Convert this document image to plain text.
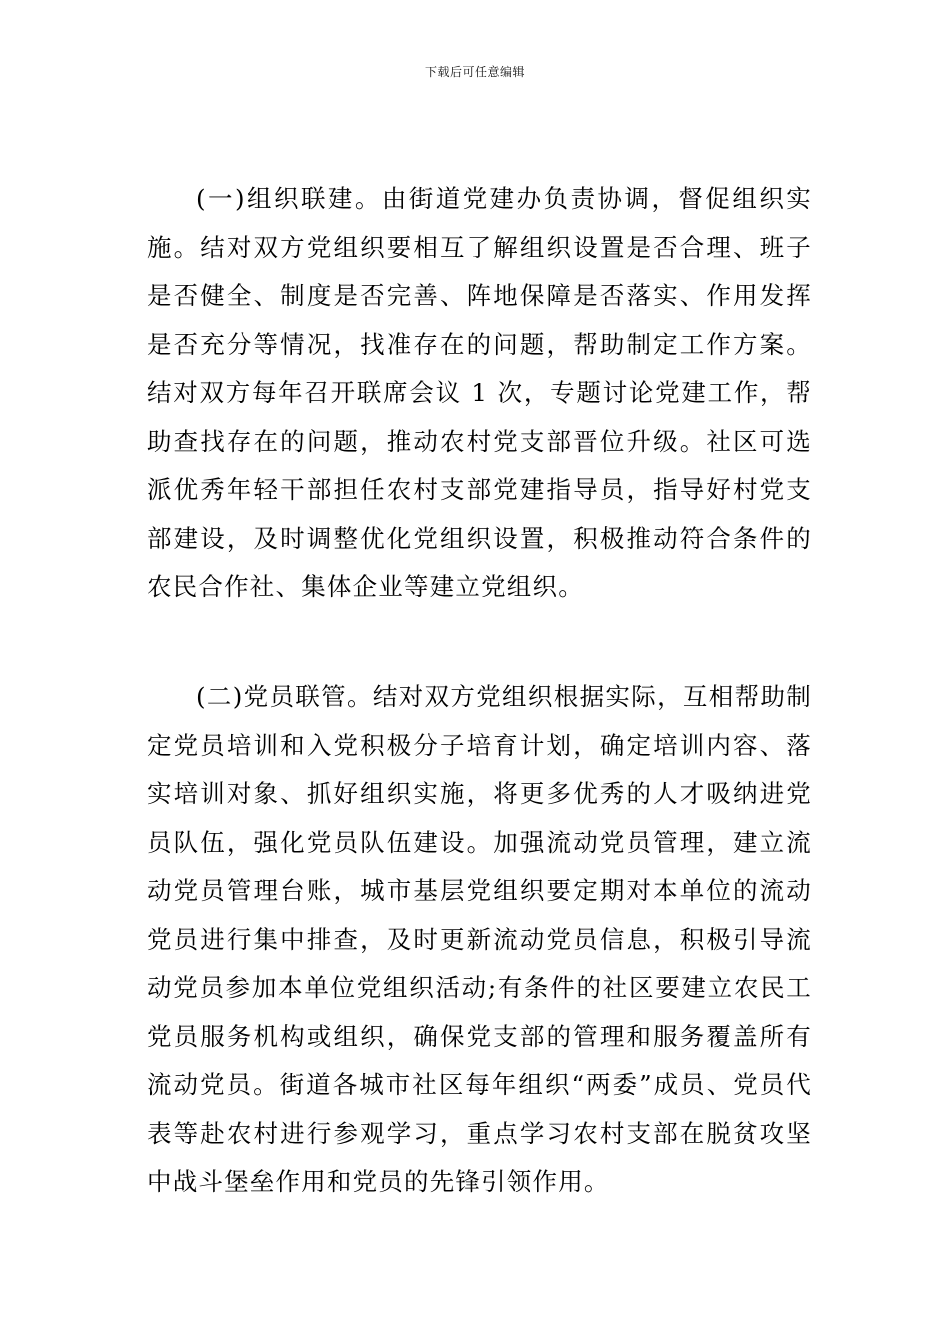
下载后可任意编辑

(一)组织联建。由街道党建办负责协调，督促组织实施。结对双方党组织要相互了解组织设置是否合理、班子是否健全、制度是否完善、阵地保障是否落实、作用发挥是否充分等情况，找准存在的问题，帮助制定工作方案。结对双方每年召开联席会议 1 次，专题讨论党建工作，帮助查找存在的问题，推动农村党支部晋位升级。社区可选派优秀年轻干部担任农村支部党建指导员，指导好村党支部建设，及时调整优化党组织设置，积极推动符合条件的农民合作社、集体企业等建立党组织。

(二)党员联管。结对双方党组织根据实际，互相帮助制定党员培训和入党积极分子培育计划，确定培训内容、落实培训对象、抓好组织实施，将更多优秀的人才吸纳进党员队伍，强化党员队伍建设。加强流动党员管理，建立流动党员管理台账，城市基层党组织要定期对本单位的流动党员进行集中排查，及时更新流动党员信息，积极引导流动党员参加本单位党组织活动;有条件的社区要建立农民工党员服务机构或组织，确保党支部的管理和服务覆盖所有流动党员。街道各城市社区每年组织“两委”成员、党员代表等赴农村进行参观学习，重点学习农村支部在脱贫攻坚中战斗堡垒作用和党员的先锋引领作用。
